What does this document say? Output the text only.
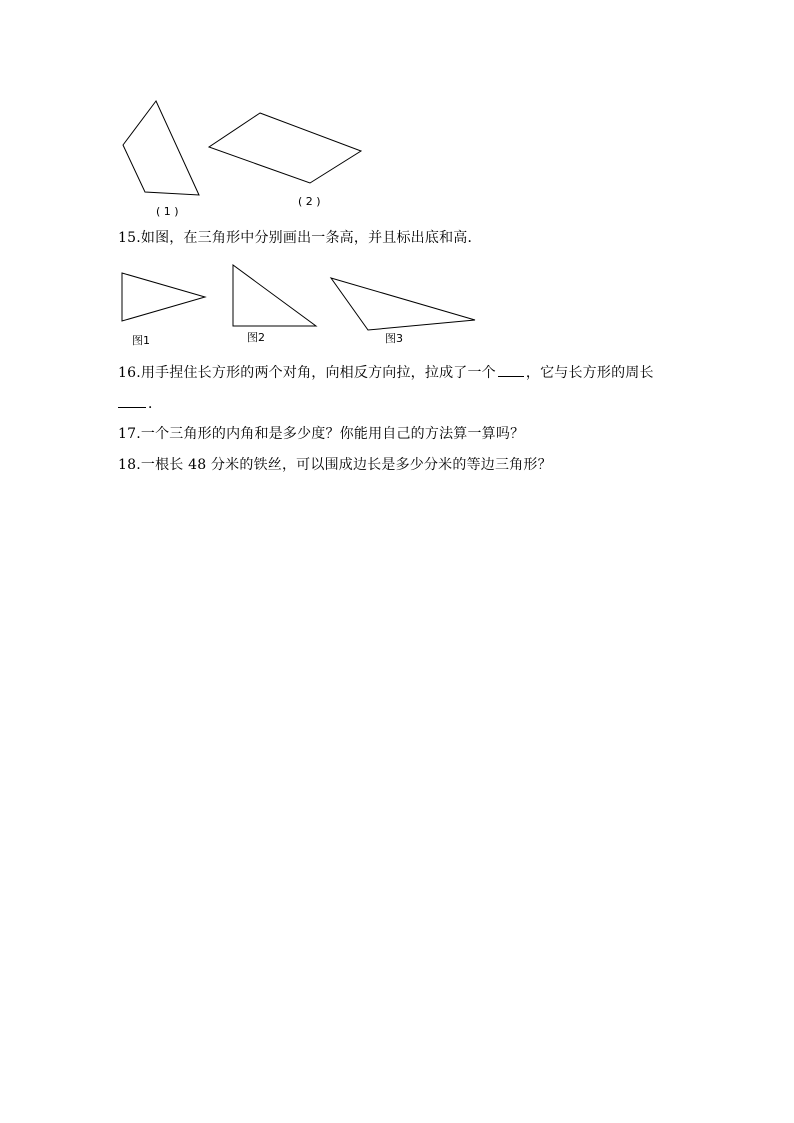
( 1 )
( 2 )
15.如图，在三角形中分别画出一条高，并且标出底和高．
图1	图2	图3
16.用手捏住长方形的两个对角，向相反方向拉，拉成了一个 ，它与长方形的周长
．
17.一个三角形的内角和是多少度？你能用自己的方法算一算吗？
18.一根长 48 分米的铁丝，可以围成边长是多少分米的等边三角形？
